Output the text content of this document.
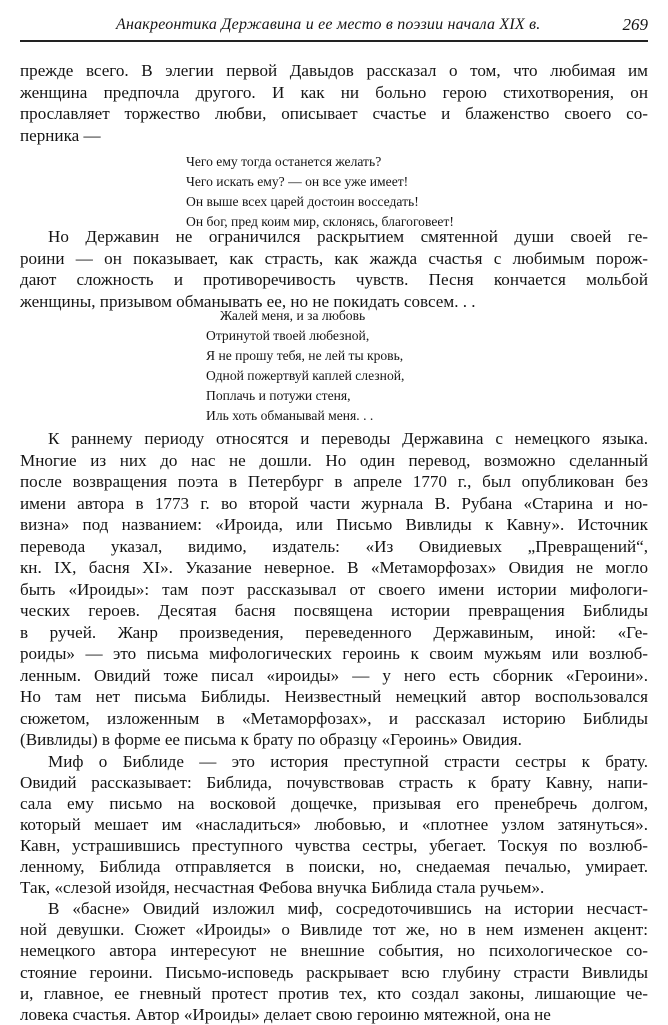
Анакреонтика Державина и ее место в поэзии начала XIX в.	269
прежде всего. В элегии первой Давыдов рассказал о том, что любимая им
женщина предпочла другого. И как ни больно герою стихотворения, он
прославляет торжество любви, описывает счастье и блаженство своего со-
перника —
Чего ему тогда останется желать?
Чего искать ему? — он все уже имеет!
Он выше всех царей достоин восседать!
Он бог, пред коим мир, склонясь, благоговеет!
Но Державин не ограничился раскрытием смятенной души своей ге-
роини — он показывает, как страсть, как жажда счастья с любимым порож-
дают сложность и противоречивость чувств. Песня кончается мольбой
женщины, призывом обманывать ее, но не покидать совсем. . .
Жалей меня, и за любовь
Отринутой твоей любезной,
Я не прошу тебя, не лей ты кровь,
Одной пожертвуй каплей слезной,
Поплачь и потужи стеня,
Иль хоть обманывай меня. . .
К раннему периоду относятся и переводы Державина с немецкого языка.
Многие из них до нас не дошли. Но один перевод, возможно сделанный
после возвращения поэта в Петербург в апреле 1770 г., был опубликован без
имени автора в 1773 г. во второй части журнала В. Рубана «Старина и но-
визна» под названием: «Ироида, или Письмо Вивлиды к Кавну». Источник
перевода указал, видимо, издатель: «Из Овидиевых „Превращений“,
кн. IX, басня XI». Указание неверное. В «Метаморфозах» Овидия не могло
быть «Ироиды»: там поэт рассказывал от своего имени истории мифологи-
ческих героев. Десятая басня посвящена истории превращения Библиды
в ручей. Жанр произведения, переведенного Державиным, иной: «Ге-
роиды» — это письма мифологических героинь к своим мужьям или возлюб-
ленным. Овидий тоже писал «ироиды» — у него есть сборник «Героини».
Но там нет письма Библиды. Неизвестный немецкий автор воспользовался
сюжетом, изложенным в «Метаморфозах», и рассказал историю Библиды
(Вивлиды) в форме ее письма к брату по образцу «Героинь» Овидия.
Миф о Библиде — это история преступной страсти сестры к брату.
Овидий рассказывает: Библида, почувствовав страсть к брату Кавну, напи-
сала ему письмо на восковой дощечке, призывая его пренебречь долгом,
который мешает им «насладиться» любовью, и «плотнее узлом затянуться».
Кавн, устрашившись преступного чувства сестры, убегает. Тоскуя по возлюб-
ленному, Библида отправляется в поиски, но, снедаемая печалью, умирает.
Так, «слезой изойдя, несчастная Фебова внучка Библида стала ручьем».
В «басне» Овидий изложил миф, сосредоточившись на истории несчаст-
ной девушки. Сюжет «Ироиды» о Вивлиде тот же, но в нем изменен акцент:
немецкого автора интересуют не внешние события, но психологическое со-
стояние героини. Письмо-исповедь раскрывает всю глубину страсти Вивлиды
и, главное, ее гневный протест против тех, кто создал законы, лишающие че-
ловека счастья. Автор «Ироиды» делает свою героиню мятежной, она не
